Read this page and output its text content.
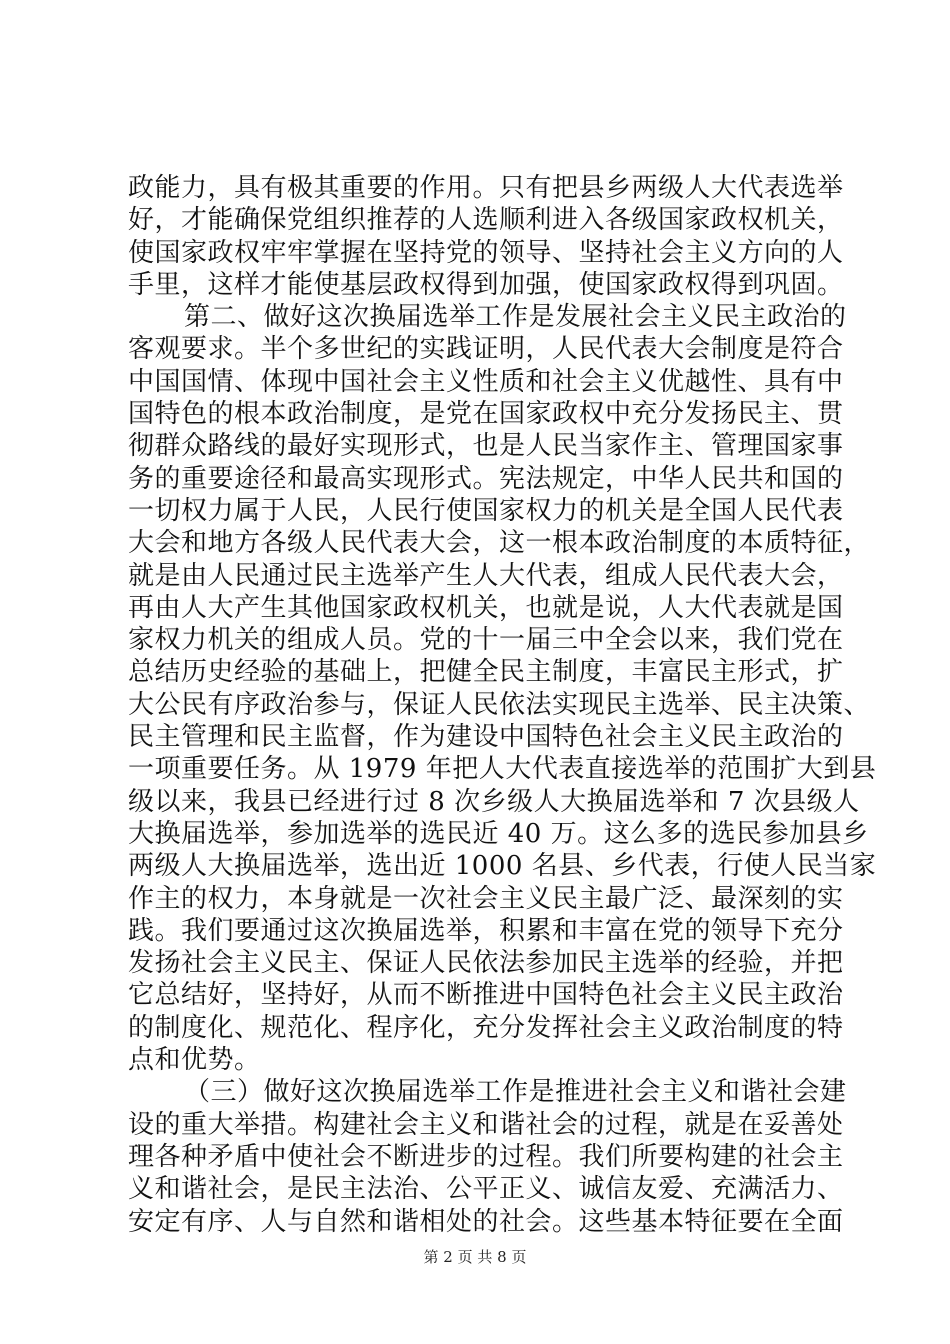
政能力，具有极其重要的作用。只有把县乡两级人大代表选举
好，才能确保党组织推荐的人选顺利进入各级国家政权机关，
使国家政权牢牢掌握在坚持党的领导、坚持社会主义方向的人
手里，这样才能使基层政权得到加强，使国家政权得到巩固。
第二、做好这次换届选举工作是发展社会主义民主政治的
客观要求。半个多世纪的实践证明，人民代表大会制度是符合
中国国情、体现中国社会主义性质和社会主义优越性、具有中
国特色的根本政治制度，是党在国家政权中充分发扬民主、贯
彻群众路线的最好实现形式，也是人民当家作主、管理国家事
务的重要途径和最高实现形式。宪法规定，中华人民共和国的
一切权力属于人民，人民行使国家权力的机关是全国人民代表
大会和地方各级人民代表大会，这一根本政治制度的本质特征，
就是由人民通过民主选举产生人大代表，组成人民代表大会，
再由人大产生其他国家政权机关，也就是说，人大代表就是国
家权力机关的组成人员。党的十一届三中全会以来，我们党在
总结历史经验的基础上，把健全民主制度，丰富民主形式，扩
大公民有序政治参与，保证人民依法实现民主选举、民主决策、
民主管理和民主监督，作为建设中国特色社会主义民主政治的
一项重要任务。从 1979 年把人大代表直接选举的范围扩大到县
级以来，我县已经进行过 8 次乡级人大换届选举和 7 次县级人
大换届选举，参加选举的选民近 40 万。这么多的选民参加县乡
两级人大换届选举，选出近 1000 名县、乡代表，行使人民当家
作主的权力，本身就是一次社会主义民主最广泛、最深刻的实
践。我们要通过这次换届选举，积累和丰富在党的领导下充分
发扬社会主义民主、保证人民依法参加民主选举的经验，并把
它总结好，坚持好，从而不断推进中国特色社会主义民主政治
的制度化、规范化、程序化，充分发挥社会主义政治制度的特
点和优势。
（三）做好这次换届选举工作是推进社会主义和谐社会建
设的重大举措。构建社会主义和谐社会的过程，就是在妥善处
理各种矛盾中使社会不断进步的过程。我们所要构建的社会主
义和谐社会，是民主法治、公平正义、诚信友爱、充满活力、
安定有序、人与自然和谐相处的社会。这些基本特征要在全面
第 2 页 共 8 页
